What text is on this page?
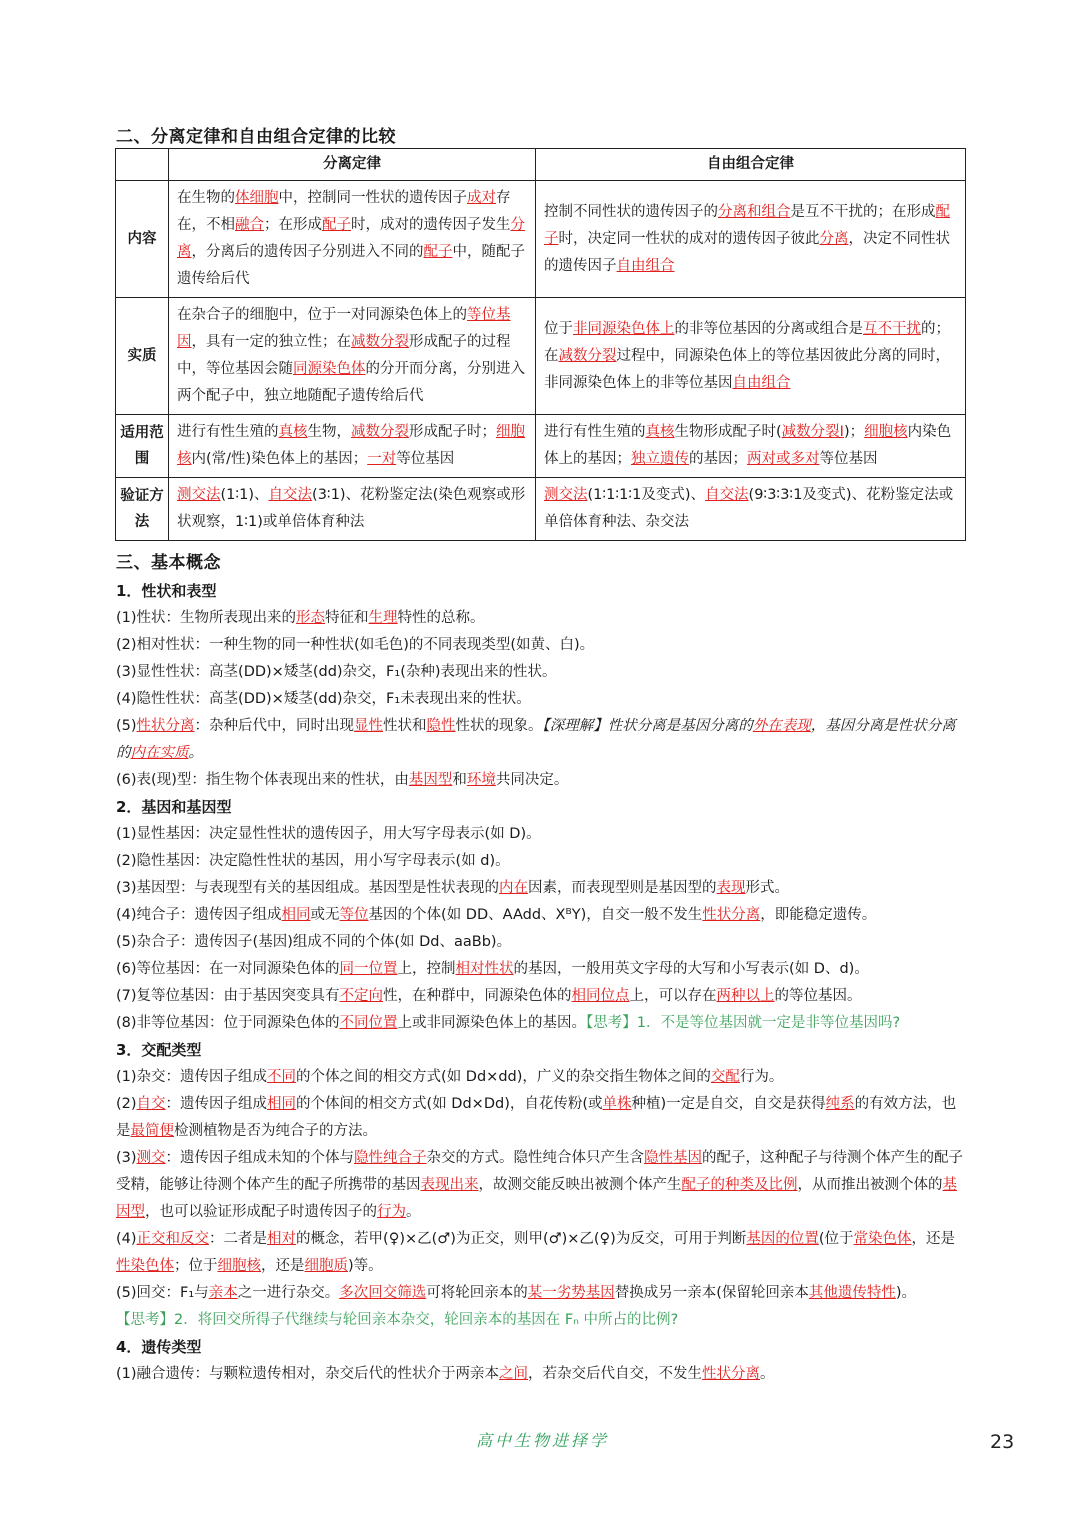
二、分离定律和自由组合定律的比较
	分离定律	自由组合定律
内容	在生物的体细胞中，控制同一性状的遗传因子成对存在，不相融合；在形成配子时，成对的遗传因子发生分离，分离后的遗传因子分别进入不同的配子中，随配子遗传给后代	控制不同性状的遗传因子的分离和组合是互不干扰的；在形成配子时，决定同一性状的成对的遗传因子彼此分离，决定不同性状的遗传因子自由组合
实质	在杂合子的细胞中，位于一对同源染色体上的等位基因，具有一定的独立性；在减数分裂形成配子的过程中，等位基因会随同源染色体的分开而分离，分别进入两个配子中，独立地随配子遗传给后代	位于非同源染色体上的非等位基因的分离或组合是互不干扰的；在减数分裂过程中，同源染色体上的等位基因彼此分离的同时，非同源染色体上的非等位基因自由组合
适用范围	进行有性生殖的真核生物，减数分裂形成配子时；细胞核内(常/性)染色体上的基因；一对等位基因	进行有性生殖的真核生物形成配子时(减数分裂Ⅰ)；细胞核内染色体上的基因；独立遗传的基因；两对或多对等位基因
验证方法	测交法(1∶1)、自交法(3∶1)、花粉鉴定法(染色观察或形状观察，1∶1)或单倍体育种法	测交法(1∶1∶1∶1及变式)、自交法(9∶3∶3∶1及变式)、花粉鉴定法或单倍体育种法、杂交法
三、基本概念
1．性状和表型
(1)性状：生物所表现出来的形态特征和生理特性的总称。
(2)相对性状：一种生物的同一种性状(如毛色)的不同表现类型(如黄、白)。
(3)显性性状：高茎(DD)×矮茎(dd)杂交，F₁(杂种)表现出来的性状。
(4)隐性性状：高茎(DD)×矮茎(dd)杂交，F₁未表现出来的性状。
(5)性状分离：杂种后代中，同时出现显性性状和隐性性状的现象。【深理解】性状分离是基因分离的外在表现，基因分离是性状分离的内在实质。
(6)表(现)型：指生物个体表现出来的性状，由基因型和环境共同决定。
2．基因和基因型
(1)显性基因：决定显性性状的遗传因子，用大写字母表示(如 D)。
(2)隐性基因：决定隐性性状的基因，用小写字母表示(如 d)。
(3)基因型：与表现型有关的基因组成。基因型是性状表现的内在因素，而表现型则是基因型的表现形式。
(4)纯合子：遗传因子组成相同或无等位基因的个体(如 DD、AAdd、XᴮY)，自交一般不发生性状分离，即能稳定遗传。
(5)杂合子：遗传因子(基因)组成不同的个体(如 Dd、aaBb)。
(6)等位基因：在一对同源染色体的同一位置上，控制相对性状的基因，一般用英文字母的大写和小写表示(如 D、d)。
(7)复等位基因：由于基因突变具有不定向性，在种群中，同源染色体的相同位点上，可以存在两种以上的等位基因。
(8)非等位基因：位于同源染色体的不同位置上或非同源染色体上的基因。【思考】1．不是等位基因就一定是非等位基因吗?
3．交配类型
(1)杂交：遗传因子组成不同的个体之间的相交方式(如 Dd×dd)，广义的杂交指生物体之间的交配行为。
(2)自交：遗传因子组成相同的个体间的相交方式(如 Dd×Dd)，自花传粉(或单株种植)一定是自交，自交是获得纯系的有效方法，也是最简便检测植物是否为纯合子的方法。
(3)测交：遗传因子组成未知的个体与隐性纯合子杂交的方式。隐性纯合体只产生含隐性基因的配子，这种配子与待测个体产生的配子受精，能够让待测个体产生的配子所携带的基因表现出来，故测交能反映出被测个体产生配子的种类及比例，从而推出被测个体的基因型，也可以验证形成配子时遗传因子的行为。
(4)正交和反交：二者是相对的概念，若甲(♀)×乙(♂)为正交，则甲(♂)×乙(♀)为反交，可用于判断基因的位置(位于常染色体，还是性染色体；位于细胞核，还是细胞质)等。
(5)回交：F₁与亲本之一进行杂交。多次回交筛选可将轮回亲本的某一劣势基因替换成另一亲本(保留轮回亲本其他遗传特性)。
【思考】2．将回交所得子代继续与轮回亲本杂交，轮回亲本的基因在 Fₙ 中所占的比例?
4．遗传类型
(1)融合遗传：与颗粒遗传相对，杂交后代的性状介于两亲本之间，若杂交后代自交，不发生性状分离。
高中生物进择学	23
